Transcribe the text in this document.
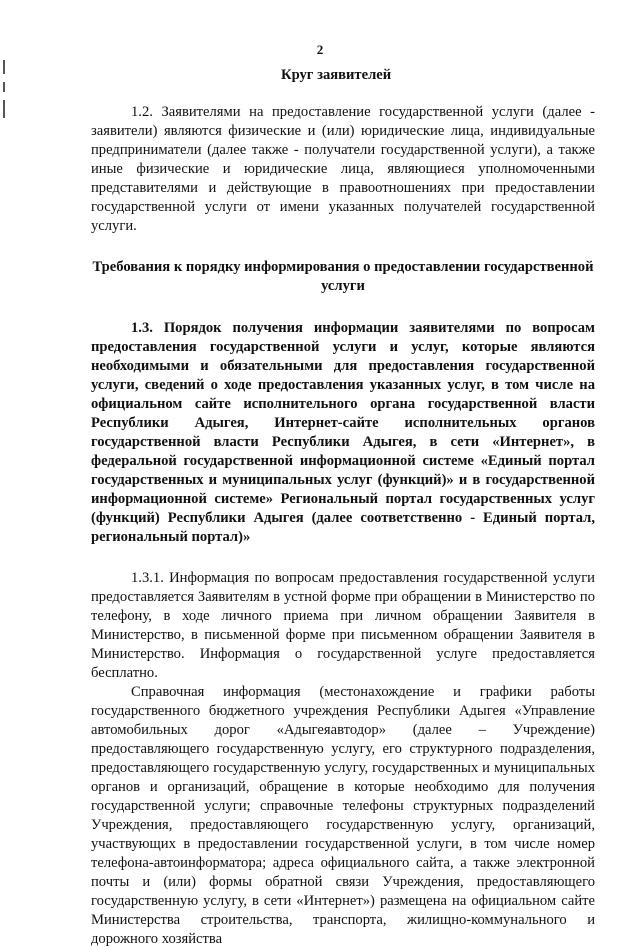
2
Круг заявителей

1.2. Заявителями на предоставление государственной услуги (далее - заявители) являются физические и (или) юридические лица, индивидуальные предприниматели (далее также - получатели государственной услуги), а также иные физические и юридические лица, являющиеся уполномоченными представителями и действующие в правоотношениях при предоставлении государственной услуги от имени указанных получателей государственной услуги.

Требования к порядку информирования о предоставлении государственной услуги

1.3. Порядок получения информации заявителями по вопросам предоставления государственной услуги и услуг, которые являются необходимыми и обязательными для предоставления государственной услуги, сведений о ходе предоставления указанных услуг, в том числе на официальном сайте исполнительного органа государственной власти Республики Адыгея, Интернет-сайте исполнительных органов государственной власти Республики Адыгея, в сети «Интернет», в федеральной государственной информационной системе «Единый портал государственных и муниципальных услуг (функций)» и в государственной информационной системе» Региональный портал государственных услуг (функций) Республики Адыгея (далее соответственно - Единый портал, региональный портал)»

1.3.1. Информация по вопросам предоставления государственной услуги предоставляется Заявителям в устной форме при обращении в Министерство по телефону, в ходе личного приема при личном обращении Заявителя в Министерство, в письменной форме при письменном обращении Заявителя в Министерство. Информация о государственной услуге предоставляется бесплатно.

Справочная информация (местонахождение и графики работы государственного бюджетного учреждения Республики Адыгея «Управление автомобильных дорог «Адыгеяавтодор» (далее – Учреждение) предоставляющего государственную услугу, его структурного подразделения, предоставляющего государственную услугу, государственных и муниципальных органов и организаций, обращение в которые необходимо для получения государственной услуги; справочные телефоны структурных подразделений Учреждения, предоставляющего государственную услугу, организаций, участвующих в предоставлении государственной услуги, в том числе номер телефона-автоинформатора; адреса официального сайта, а также электронной почты и (или) формы обратной связи Учреждения, предоставляющего государственную услугу, в сети «Интернет») размещена на официальном сайте Министерства строительства, транспорта, жилищно-коммунального и дорожного хозяйства
